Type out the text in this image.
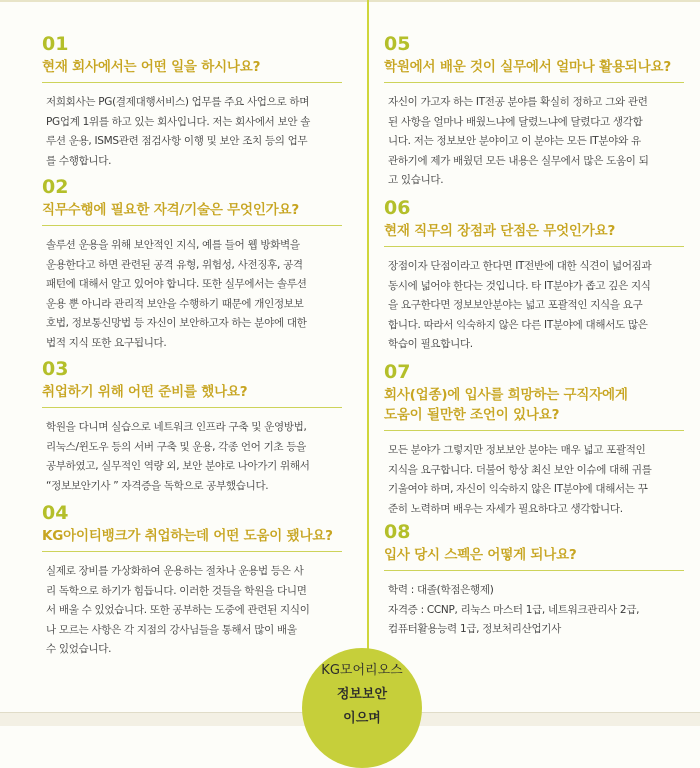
01
현재 회사에서는 어떤 일을 하시나요?
저희회사는 PG(결제대행서비스) 업무를 주요 사업으로 하며
PG업계 1위를 하고 있는 회사입니다. 저는 회사에서 보안 솔
루션 운용, ISMS관련 점검사항 이행 및 보안 조치 등의 업무
를 수행합니다.
02
직무수행에 필요한 자격/기술은 무엇인가요?
솔루션 운용을 위해 보안적인 지식, 예를 들어 웹 방화벽을
운용한다고 하면 관련된 공격 유형, 위험성, 사전징후, 공격
패턴에 대해서 알고 있어야 합니다. 또한 실무에서는 솔루션
운용 뿐 아니라 관리적 보안을 수행하기 때문에 개인정보보
호법, 정보통신망법 등 자신이 보안하고자 하는 분야에 대한
법적 지식 또한 요구됩니다.
03
취업하기 위해 어떤 준비를 했나요?
학원을 다니며 실습으로 네트워크 인프라 구축 및 운영방법,
리눅스/윈도우 등의 서버 구축 및 운용, 각종 언어 기초 등을
공부하였고, 실무적인 역량 외, 보안 분야로 나아가기 위해서
“정보보안기사 ” 자격증을 독학으로 공부했습니다.
04
KG아이티뱅크가 취업하는데 어떤 도움이 됐나요?
실제로 장비를 가상화하여 운용하는 절차나 운용법 등은 사
리 독학으로 하기가 힘듭니다. 이러한 것들을 학원을 다니면
서 배울 수 있었습니다. 또한 공부하는 도중에 관련된 지식이
나 모르는 사항은 각 지점의 강사님들을 통해서 많이 배울
수 있었습니다.
05
학원에서 배운 것이 실무에서 얼마나 활용되나요?
자신이 가고자 하는 IT전공 분야를 확실히 정하고 그와 관련
된 사항을 얼마나 배웠느냐에 달렸느냐에 달렸다고 생각합
니다. 저는 정보보안 분야이고 이 분야는 모든 IT분야와 유
관하기에 제가 배웠던 모든 내용은 실무에서 많은 도움이 되
고 있습니다.
06
현재 직무의 장점과 단점은 무엇인가요?
장점이자 단점이라고 한다면 IT전반에 대한 식견이 넓어짐과
동시에 넓어야 한다는 것입니다. 타 IT분야가 좁고 깊은 지식
을 요구한다면 정보보안분야는 넓고 포괄적인 지식을 요구
합니다. 따라서 익숙하지 않은 다른 IT분야에 대해서도 많은
학습이 필요합니다.
07
회사(업종)에 입사를 희망하는 구직자에게
도움이 될만한 조언이 있나요?
모든 분야가 그렇지만 정보보안 분야는 매우 넓고 포괄적인
지식을 요구합니다. 더불어 항상 최신 보안 이슈에 대해 귀를
기울여야 하며, 자신이 익숙하지 않은 IT분야에 대해서는 꾸
준히 노력하며 배우는 자세가 필요하다고 생각합니다.
08
입사 당시 스펙은 어떻게 되나요?
학력 : 대졸(학점은행제)
자격증 : CCNP, 리눅스 마스터 1급, 네트워크관리사 2급,
컴퓨터활용능력 1급, 정보처리산업기사
KG모어리오스
정보보안
이으며
